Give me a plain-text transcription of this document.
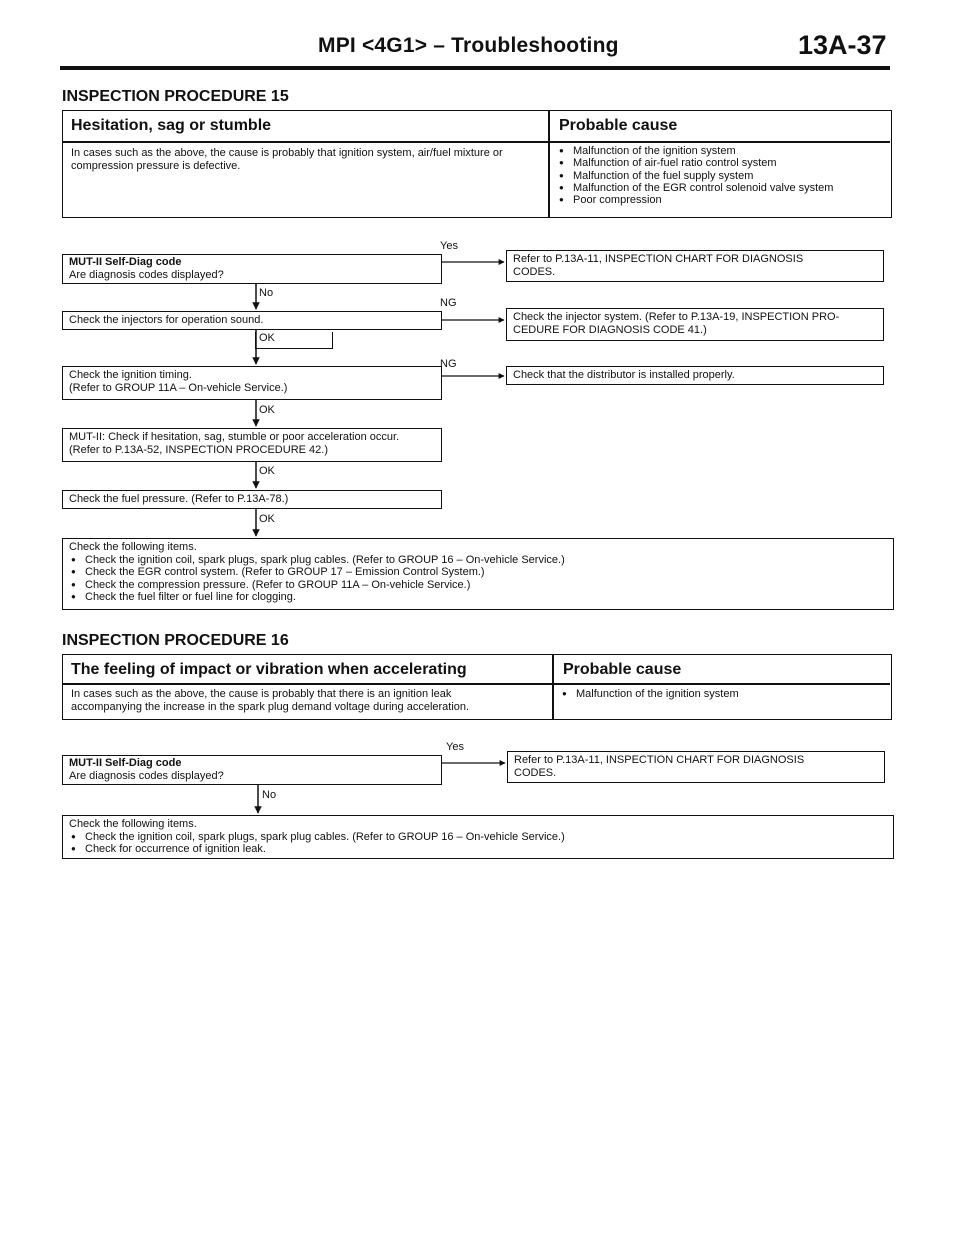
MPI <4G1> – Troubleshooting	13A-37
INSPECTION PROCEDURE 15
Hesitation, sag or stumble	Probable cause
In cases such as the above, the cause is probably that ignition system, air/fuel mixture or compression pressure is defective.
● Malfunction of the ignition system
● Malfunction of air-fuel ratio control system
● Malfunction of the fuel supply system
● Malfunction of the EGR control solenoid valve system
● Poor compression
MUT-II Self-Diag code
Are diagnosis codes displayed?
Yes
Refer to P.13A-11, INSPECTION CHART FOR DIAGNOSIS
CODES.
No
Check the injectors for operation sound.
NG
Check the injector system. (Refer to P.13A-19, INSPECTION PRO-
CEDURE FOR DIAGNOSIS CODE 41.)
OK
Check the ignition timing.
(Refer to GROUP 11A – On-vehicle Service.)
NG
Check that the distributor is installed properly.
OK
MUT-II: Check if hesitation, sag, stumble or poor acceleration occur.
(Refer to P.13A-52, INSPECTION PROCEDURE 42.)
OK
Check the fuel pressure. (Refer to P.13A-78.)
OK
Check the following items.
● Check the ignition coil, spark plugs, spark plug cables. (Refer to GROUP 16 – On-vehicle Service.)
● Check the EGR control system. (Refer to GROUP 17 – Emission Control System.)
● Check the compression pressure. (Refer to GROUP 11A – On-vehicle Service.)
● Check the fuel filter or fuel line for clogging.
INSPECTION PROCEDURE 16
The feeling of impact or vibration when accelerating	Probable cause
In cases such as the above, the cause is probably that there is an ignition leak
accompanying the increase in the spark plug demand voltage during acceleration.
● Malfunction of the ignition system
MUT-II Self-Diag code
Are diagnosis codes displayed?
Yes
Refer to P.13A-11, INSPECTION CHART FOR DIAGNOSIS
CODES.
No
Check the following items.
● Check the ignition coil, spark plugs, spark plug cables. (Refer to GROUP 16 – On-vehicle Service.)
● Check for occurrence of ignition leak.
